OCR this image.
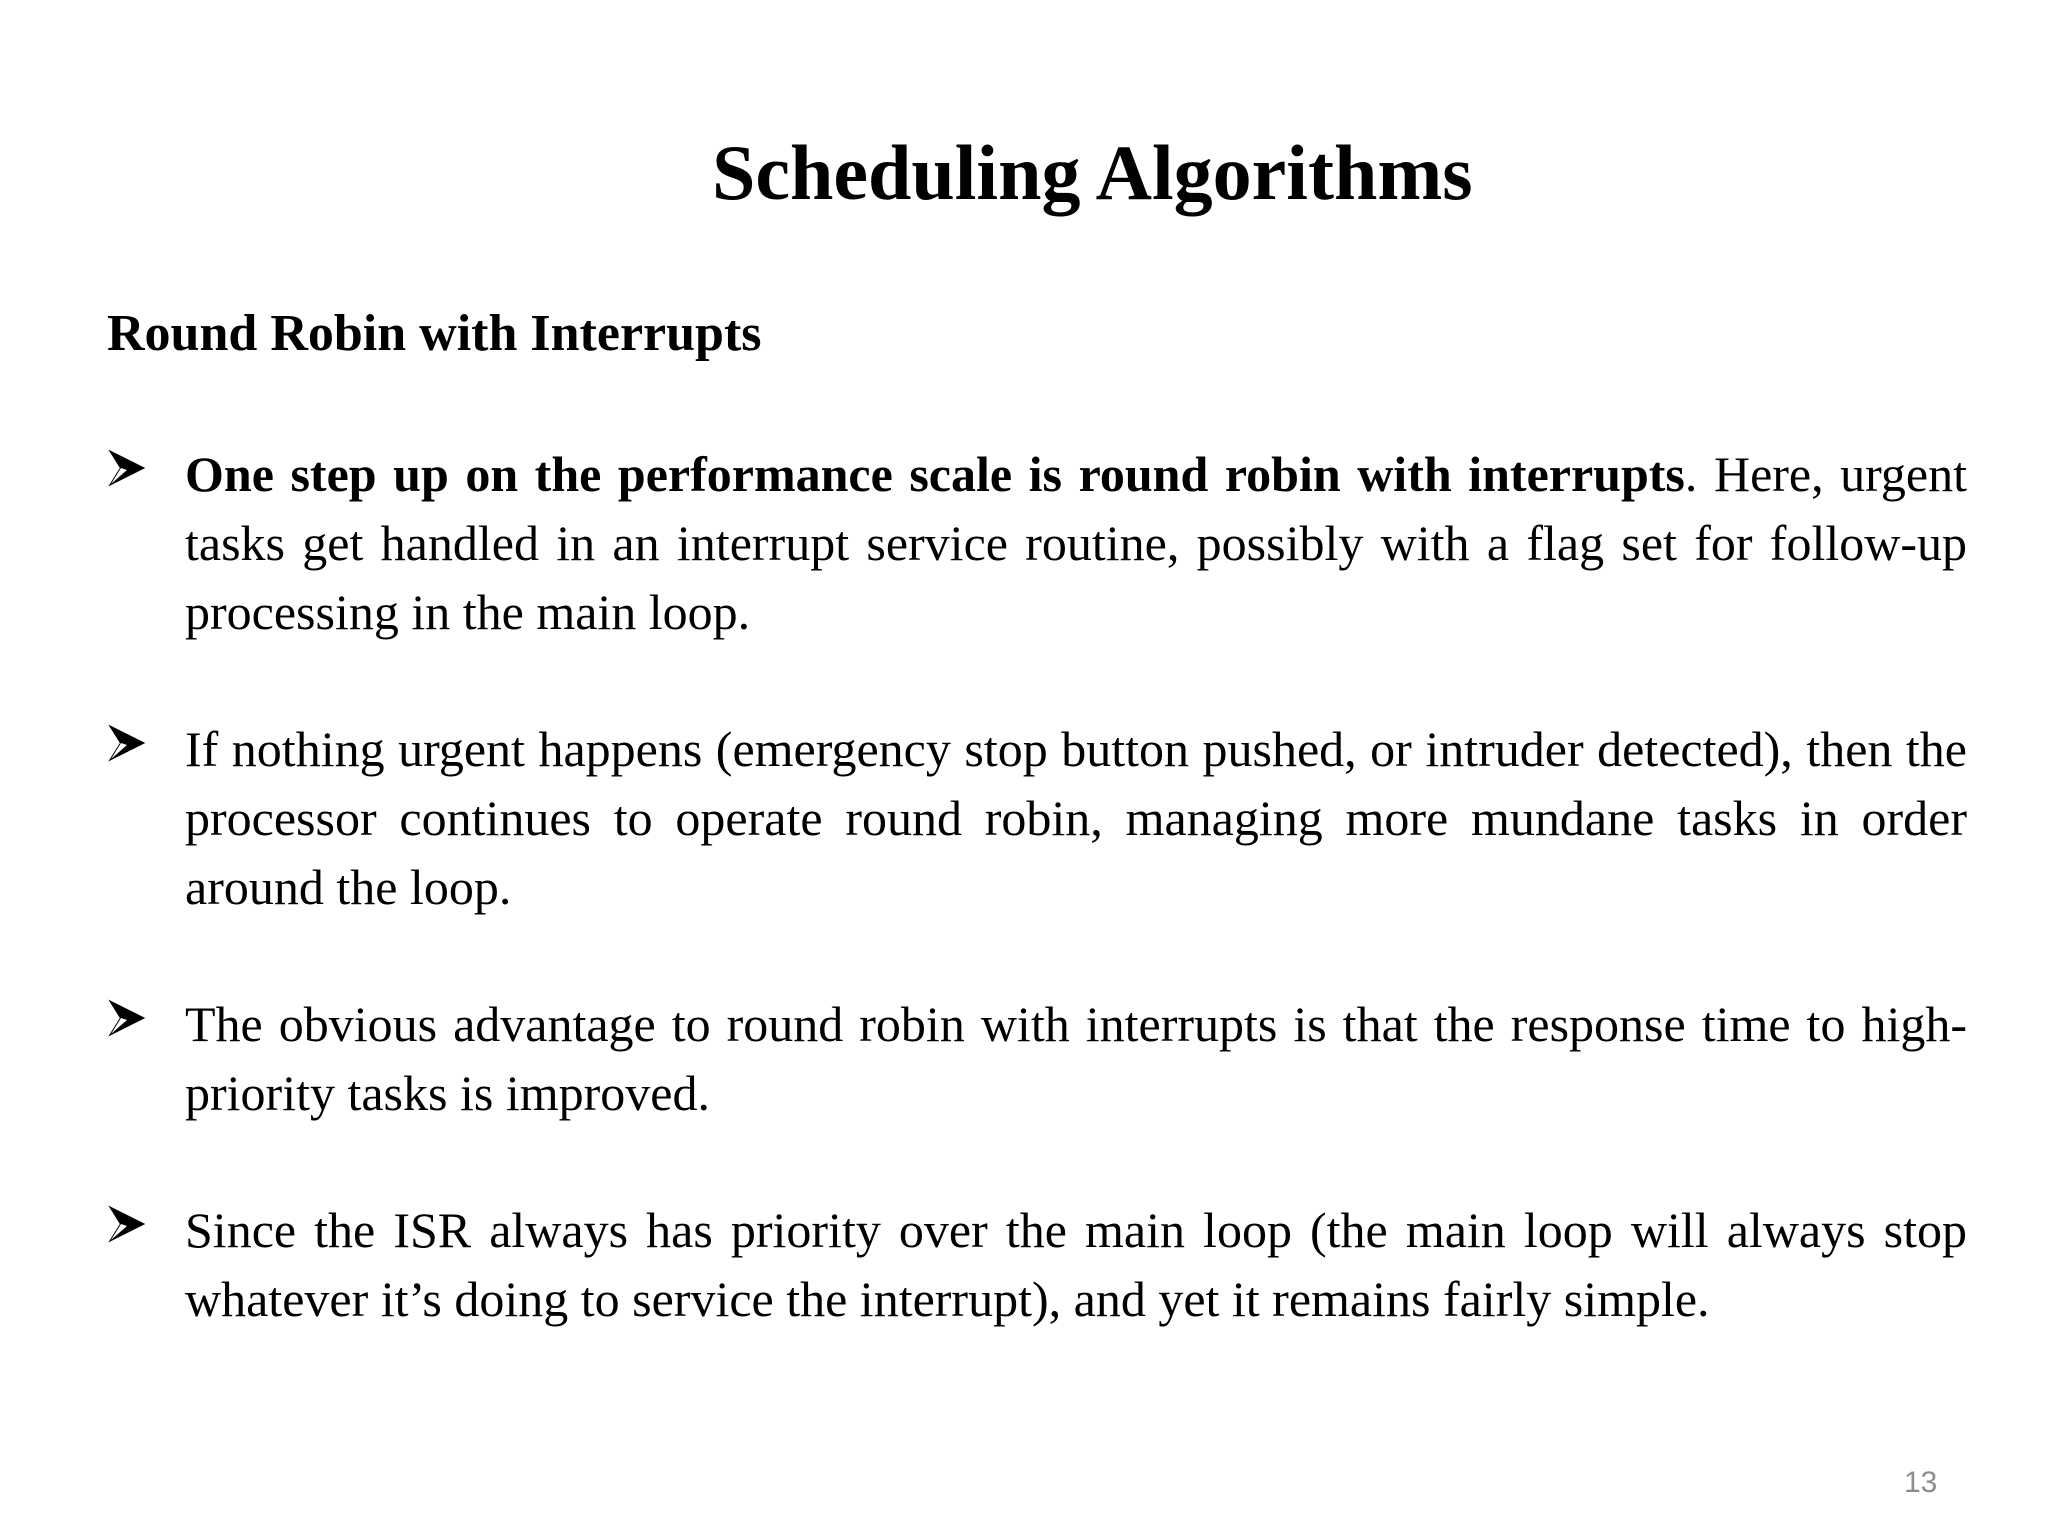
Scheduling Algorithms
Round Robin with Interrupts
One step up on the performance scale is round robin with interrupts. Here, urgent tasks get handled in an interrupt service routine, possibly with a flag set for follow-up processing in the main loop.
If nothing urgent happens (emergency stop button pushed, or intruder detected), then the processor continues to operate round robin, managing more mundane tasks in order around the loop.
The obvious advantage to round robin with interrupts is that the response time to high-priority tasks is improved.
Since the ISR always has priority over the main loop (the main loop will always stop whatever it’s doing to service the interrupt), and yet it remains fairly simple.
13
